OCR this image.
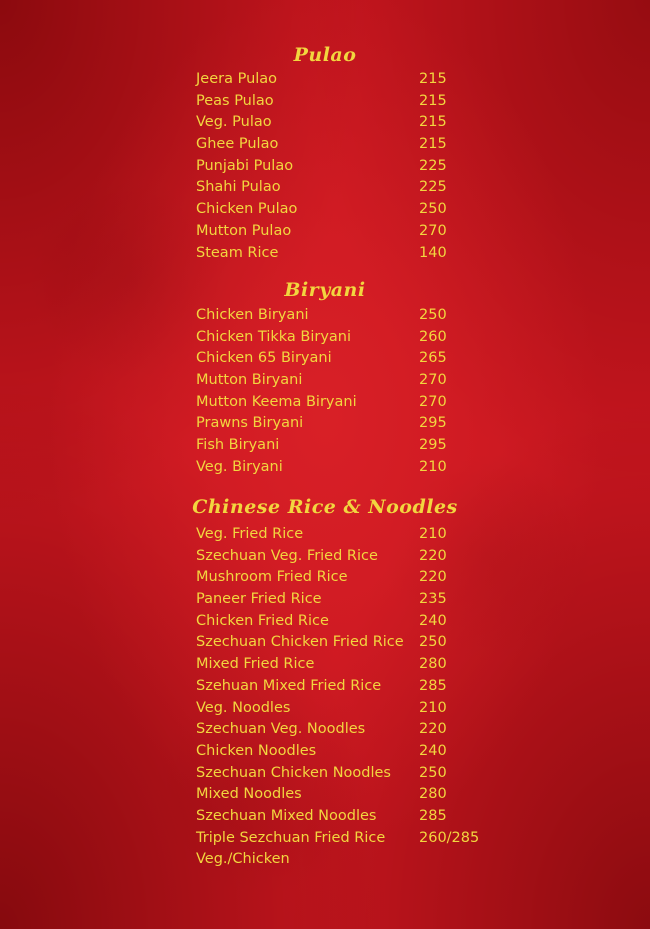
Pulao
Jeera Pulao	215
Peas Pulao	215
Veg. Pulao	215
Ghee Pulao	215
Punjabi Pulao	225
Shahi Pulao	225
Chicken Pulao	250
Mutton Pulao	270
Steam Rice	140
Biryani
Chicken Biryani	250
Chicken Tikka Biryani	260
Chicken 65 Biryani	265
Mutton Biryani	270
Mutton Keema Biryani	270
Prawns Biryani	295
Fish Biryani	295
Veg. Biryani	210
Chinese Rice & Noodles
Veg. Fried Rice	210
Szechuan Veg. Fried Rice	220
Mushroom Fried Rice	220
Paneer Fried Rice	235
Chicken Fried Rice	240
Szechuan Chicken Fried Rice 250
Mixed Fried Rice	280
Szehuan Mixed Fried Rice	285
Veg. Noodles	210
Szechuan Veg. Noodles	220
Chicken Noodles	240
Szechuan Chicken Noodles 250
Mixed Noodles	280
Szechuan Mixed Noodles	285
Triple Sezchuan Fried Rice 260/285
Veg./Chicken
